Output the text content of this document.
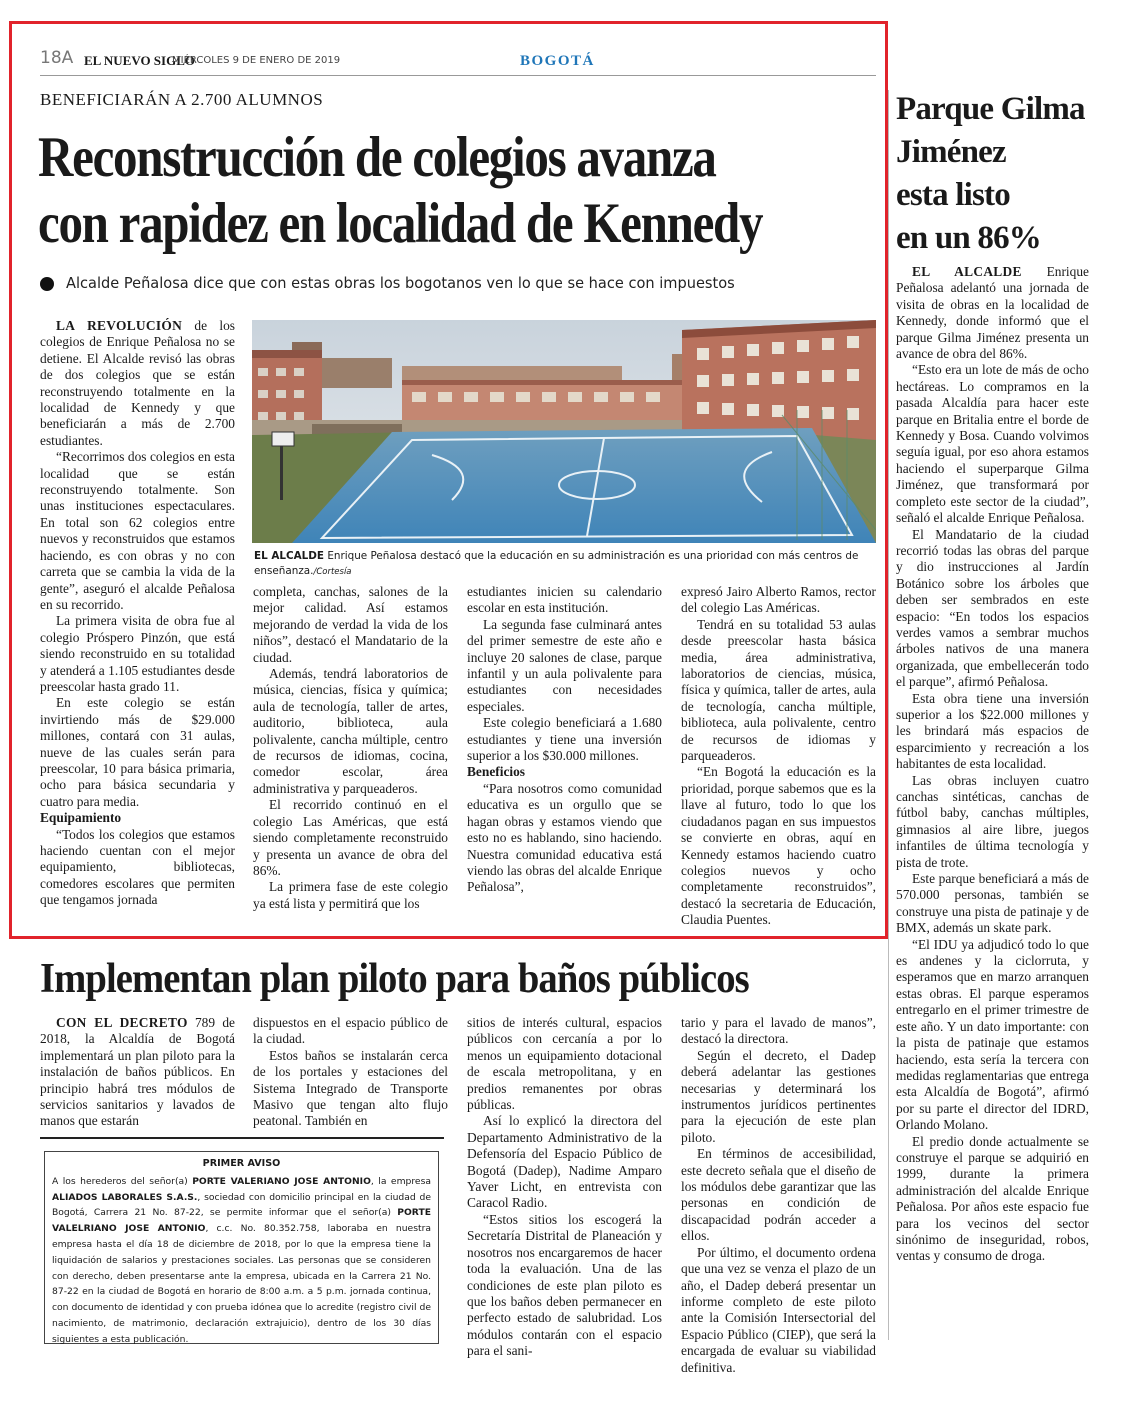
18A EL NUEVO SIGLO
MIÉRCOLES 9 DE ENERO DE 2019	BOGOTÁ
BENEFICIARÁN A 2.700 ALUMNOS
Reconstrucción de colegios avanza
con rapidez en localidad de Kennedy
Alcalde Peñalosa dice que con estas obras los bogotanos ven lo que se hace con impuestos
EL ALCALDE Enrique Peñalosa destacó que la educación en su administración es una prioridad con más centros de enseñanza./Cortesía

LA REVOLUCIÓN de los colegios de Enrique Peñalosa no se detiene. El Alcalde revisó las obras de dos colegios que se están reconstruyendo totalmente en la localidad de Kennedy y que beneficiarán a más de 2.700 estudiantes.

“Recorrimos dos colegios en esta localidad que se están reconstruyendo totalmente. Son unas instituciones espectaculares. En total son 62 colegios entre nuevos y reconstruidos que estamos haciendo, es con obras y no con carreta que se cambia la vida de la gente”, aseguró el alcalde Peñalosa en su recorrido.

La primera visita de obra fue al colegio Próspero Pinzón, que está siendo reconstruido en su totalidad y atenderá a 1.105 estudiantes desde preescolar hasta grado 11.

En este colegio se están invirtiendo más de $29.000 millones, contará con 31 aulas, nueve de las cuales serán para preescolar, 10 para básica primaria, ocho para básica secundaria y cuatro para media.

Equipamiento

“Todos los colegios que estamos haciendo cuentan con el mejor equipamiento, bibliotecas, comedores escolares que permiten que tengamos jornada

completa, canchas, salones de la mejor calidad. Así estamos mejorando de verdad la vida de los niños”, destacó el Mandatario de la ciudad.

Además, tendrá laboratorios de música, ciencias, física y química; aula de tecnología, taller de artes, auditorio, biblioteca, aula polivalente, cancha múltiple, centro de recursos de idiomas, cocina, comedor escolar, área administrativa y parqueaderos.

El recorrido continuó en el colegio Las Américas, que está siendo completamente reconstruido y presenta un avance de obra del 86%.

La primera fase de este colegio ya está lista y permitirá que los

estudiantes inicien su calendario escolar en esta institución.

La segunda fase culminará antes del primer semestre de este año e incluye 20 salones de clase, parque infantil y un aula polivalente para estudiantes con necesidades especiales.

Este colegio beneficiará a 1.680 estudiantes y tiene una inversión superior a los $30.000 millones.

Beneficios

“Para nosotros como comunidad educativa es un orgullo que se hagan obras y estamos viendo que esto no es hablando, sino haciendo. Nuestra comunidad educativa está viendo las obras del alcalde Enrique Peñalosa”,

expresó Jairo Alberto Ramos, rector del colegio Las Américas.

Tendrá en su totalidad 53 aulas desde preescolar hasta básica media, área administrativa, laboratorios de ciencias, música, física y química, taller de artes, aula de tecnología, cancha múltiple, biblioteca, aula polivalente, centro de recursos de idiomas y parqueaderos.

“En Bogotá la educación es la prioridad, porque sabemos que es la llave al futuro, todo lo que los ciudadanos pagan en sus impuestos se convierte en obras, aquí en Kennedy estamos haciendo cuatro colegios nuevos y ocho completamente reconstruidos”, destacó la secretaria de Educación, Claudia Puentes.

Parque Gilma
Jiménez
esta listo
en un 86%

EL ALCALDE Enrique Peñalosa adelantó una jornada de visita de obras en la localidad de Kennedy, donde informó que el parque Gilma Jiménez presenta un avance de obra del 86%.

“Esto era un lote de más de ocho hectáreas. Lo compramos en la pasada Alcaldía para hacer este parque en Britalia entre el borde de Kennedy y Bosa. Cuando volvimos seguía igual, por eso ahora estamos haciendo el superparque Gilma Jiménez, que transformará por completo este sector de la ciudad”, señaló el alcalde Enrique Peñalosa.

El Mandatario de la ciudad recorrió todas las obras del parque y dio instrucciones al Jardín Botánico sobre los árboles que deben ser sembrados en este espacio: “En todos los espacios verdes vamos a sembrar muchos árboles nativos de una manera organizada, que embellecerán todo el parque”, afirmó Peñalosa.

Esta obra tiene una inversión superior a los $22.000 millones y les brindará más espacios de esparcimiento y recreación a los habitantes de esta localidad.

Las obras incluyen cuatro canchas sintéticas, canchas de fútbol baby, canchas múltiples, gimnasios al aire libre, juegos infantiles de última tecnología y pista de trote.

Este parque beneficiará a más de 570.000 personas, también se construye una pista de patinaje y de BMX, además un skate park.

“El IDU ya adjudicó todo lo que es andenes y la ciclorruta, y esperamos que en marzo arranquen estas obras. El parque esperamos entregarlo en el primer trimestre de este año. Y un dato importante: con la pista de patinaje que estamos haciendo, esta sería la tercera con medidas reglamentarias que entrega esta Alcaldía de Bogotá”, afirmó por su parte el director del IDRD, Orlando Molano.

El predio donde actualmente se construye el parque se adquirió en 1999, durante la primera administración del alcalde Enrique Peñalosa. Por años este espacio fue para los vecinos del sector sinónimo de inseguridad, robos, ventas y consumo de droga.

Implementan plan piloto para baños públicos

CON EL DECRETO 789 de 2018, la Alcaldía de Bogotá implementará un plan piloto para la instalación de baños públicos. En principio habrá tres módulos de servicios sanitarios y lavados de manos que estarán

dispuestos en el espacio público de la ciudad.

Estos baños se instalarán cerca de los portales y estaciones del Sistema Integrado de Transporte Masivo que tengan alto flujo peatonal. También en

sitios de interés cultural, espacios públicos con cercanía a por lo menos un equipamiento dotacional de escala metropolitana, y en predios remanentes por obras públicas.

Así lo explicó la directora del Departamento Administrativo de la Defensoría del Espacio Público de Bogotá (Dadep), Nadime Amparo Yaver Licht, en entrevista con Caracol Radio.

“Estos sitios los escogerá la Secretaría Distrital de Planeación y nosotros nos encargaremos de hacer toda la evaluación. Una de las condiciones de este plan piloto es que los baños deben permanecer en perfecto estado de salubridad. Los módulos contarán con el espacio para el sani-

tario y para el lavado de manos”, destacó la directora.

Según el decreto, el Dadep deberá adelantar las gestiones necesarias y determinará los instrumentos jurídicos pertinentes para la ejecución de este plan piloto.

En términos de accesibilidad, este decreto señala que el diseño de los módulos debe garantizar que las personas en condición de discapacidad podrán acceder a ellos.

Por último, el documento ordena que una vez se venza el plazo de un año, el Dadep deberá presentar un informe completo de este piloto ante la Comisión Intersectorial del Espacio Público (CIEP), que será la encargada de evaluar su viabilidad definitiva.

PRIMER AVISO
A los herederos del señor(a) PORTE VALERIANO JOSE ANTONIO, la empresa ALIADOS LABORALES S.A.S., sociedad con domicilio principal en la ciudad de Bogotá, Carrera 21 No. 87-22, se permite informar que el señor(a) PORTE VALELRIANO JOSE ANTONIO, c.c. No. 80.352.758, laboraba en nuestra empresa hasta el día 18 de diciembre de 2018, por lo que la empresa tiene la liquidación de salarios y prestaciones sociales. Las personas que se consideren con derecho, deben presentarse ante la empresa, ubicada en la Carrera 21 No. 87-22 en la ciudad de Bogotá en horario de 8:00 a.m. a 5 p.m. jornada continua, con documento de identidad y con prueba idónea que lo acredite (registro civil de nacimiento, de matrimonio, declaración extrajuicio), dentro de los 30 días siguientes a esta publicación.
